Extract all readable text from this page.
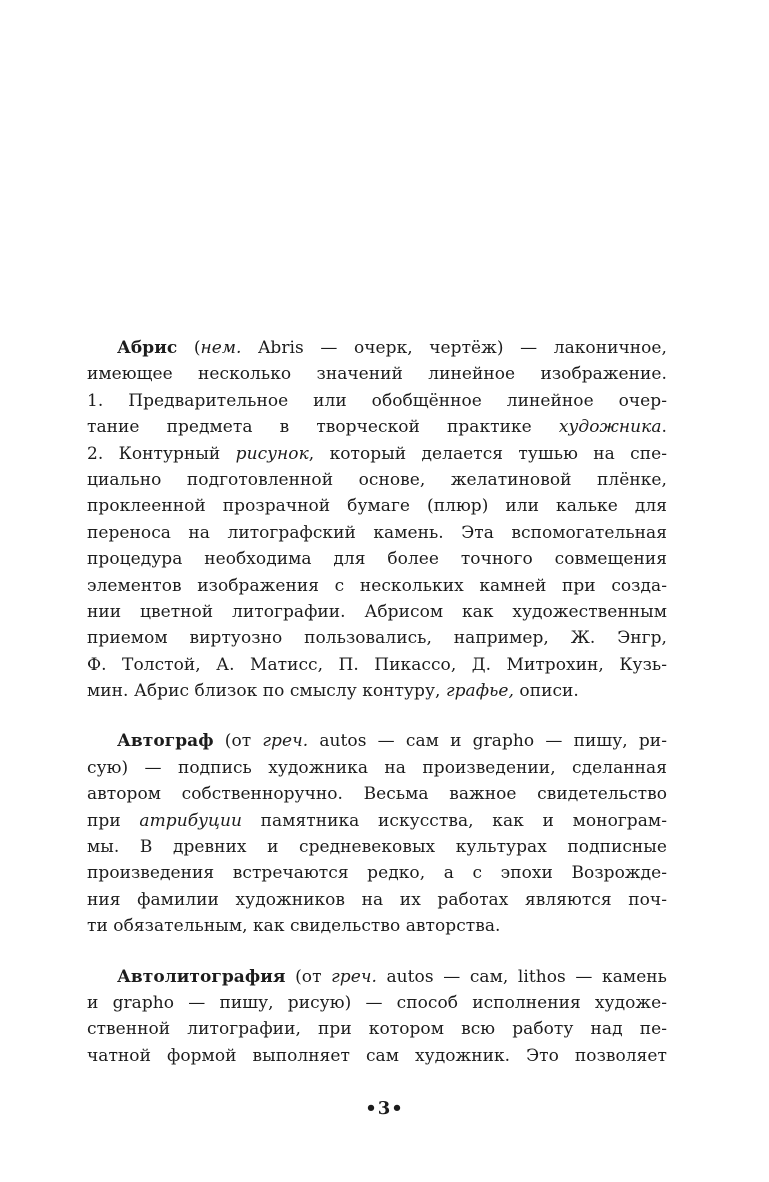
Абрис (нем. Abris — очерк, чертёж) — лаконичное,
имеющее несколько значений линейное изображение.
1. Предварительное или обобщённое линейное очер-
тание предмета в творческой практике художника.
2. Контурный рисунок, который делается тушью на спе-
циально подготовленной основе, желатиновой плёнке,
проклеенной прозрачной бумаге (плюр) или кальке для
переноса на литографский камень. Эта вспомогательная
процедура необходима для более точного совмещения
элементов изображения с нескольких камней при созда-
нии цветной литографии. Абрисом как художественным
приемом виртуозно пользовались, например, Ж. Энгр,
Ф. Толстой, А. Матисс, П. Пикассо, Д. Митрохин, Кузь-
мин. Абрис близок по смыслу контуру, графье, описи.
Автограф (от греч. autos — сам и grapho — пишу, ри-
сую) — подпись художника на произведении, сделанная
автором собственноручно. Весьма важное свидетельство
при атрибуции памятника искусства, как и монограм-
мы. В древних и средневековых культурах подписные
произведения встречаются редко, а с эпохи Возрожде-
ния фамилии художников на их работах являются поч-
ти обязательным, как свидельство авторства.
Автолитография (от греч. autos — сам, lithos — камень
и grapho — пишу, рисую) — способ исполнения художе-
ственной литографии, при котором всю работу над пе-
чатной формой выполняет сам художник. Это позволяет
•3•
